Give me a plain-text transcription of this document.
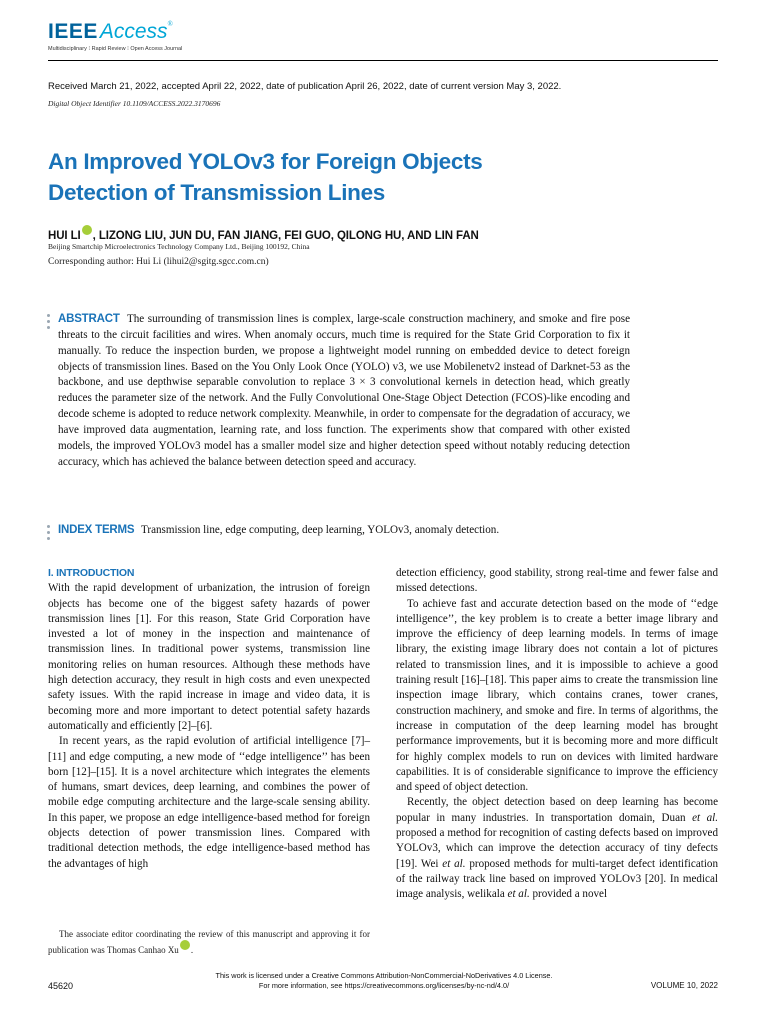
IEEEAccess®
Multidisciplinary ⁝ Rapid Review ⁝ Open Access Journal
Received March 21, 2022, accepted April 22, 2022, date of publication April 26, 2022, date of current version May 3, 2022.
Digital Object Identifier 10.1109/ACCESS.2022.3170696
An Improved YOLOv3 for Foreign Objects
Detection of Transmission Lines
HUI LI , LIZONG LIU, JUN DU, FAN JIANG, FEI GUO, QILONG HU, AND LIN FAN
Beijing Smartchip Microelectronics Technology Company Ltd., Beijing 100192, China
Corresponding author: Hui Li (lihui2@sgitg.sgcc.com.cn)
ABSTRACT The surrounding of transmission lines is complex, large-scale construction machinery, and smoke and fire pose threats to the circuit facilities and wires. When anomaly occurs, much time is required for the State Grid Corporation to fix it manually. To reduce the inspection burden, we propose a lightweight model running on embedded device to detect foreign objects of transmission lines. Based on the You Only Look Once (YOLO) v3, we use Mobilenetv2 instead of Darknet-53 as the backbone, and use depthwise separable convolution to replace 3 × 3 convolutional kernels in detection head, which greatly reduces the parameter size of the network. And the Fully Convolutional One-Stage Object Detection (FCOS)-like encoding and decode scheme is adopted to reduce network complexity. Meanwhile, in order to compensate for the degradation of accuracy, we have improved data augmentation, learning rate, and loss function. The experiments show that compared with other existed models, the improved YOLOv3 model has a smaller model size and higher detection speed without notably reducing detection accuracy, which has achieved the balance between detection speed and accuracy.
INDEX TERMS Transmission line, edge computing, deep learning, YOLOv3, anomaly detection.
I. INTRODUCTION

With the rapid development of urbanization, the intrusion of foreign objects has become one of the biggest safety hazards of power transmission lines [1]. For this reason, State Grid Corporation have invested a lot of money in the inspection and maintenance of transmission lines. In traditional power systems, transmission line monitoring relies on human resources. Although these methods have high detection accuracy, they result in high costs and even unexpected safety issues. With the rapid increase in image and video data, it is becoming more and more important to detect potential safety hazards automatically and efficiently [2]–[6].

In recent years, as the rapid evolution of artificial intelligence [7]–[11] and edge computing, a new mode of ‘‘edge intelligence’’ has been born [12]–[15]. It is a novel architecture which integrates the elements of humans, smart devices, deep learning, and combines the power of mobile edge computing architecture and the large-scale sensing ability. In this paper, we propose an edge intelligence-based method for foreign objects detection of power transmission lines. Compared with traditional detection methods, the edge intelligence-based method has the advantages of high

detection efficiency, good stability, strong real-time and fewer false and missed detections.

To achieve fast and accurate detection based on the mode of ‘‘edge intelligence’’, the key problem is to create a better image library and improve the efficiency of deep learning models. In terms of image library, the existing image library does not contain a lot of pictures related to transmission lines, and it is impossible to achieve a good training result [16]–[18]. This paper aims to create the transmission line inspection image library, which contains cranes, tower cranes, construction machinery, and smoke and fire. In terms of algorithms, the increase in computation of the deep learning model has brought performance improvements, but it is becoming more and more difficult for highly complex models to run on devices with limited hardware capabilities. It is of considerable significance to improve the efficiency and speed of object detection.

Recently, the object detection based on deep learning has become popular in many industries. In transportation domain, Duan et al. proposed a method for recognition of casting defects based on improved YOLOv3, which can improve the detection accuracy of tiny defects [19]. Wei et al. proposed methods for multi-target defect identification of the railway track line based on improved YOLOv3 [20]. In medical image analysis, welikala et al. provided a novel

The associate editor coordinating the review of this manuscript and approving it for publication was Thomas Canhao Xu .
This work is licensed under a Creative Commons Attribution-NonCommercial-NoDerivatives 4.0 License.
For more information, see https://creativecommons.org/licenses/by-nc-nd/4.0/
45620	VOLUME 10, 2022
